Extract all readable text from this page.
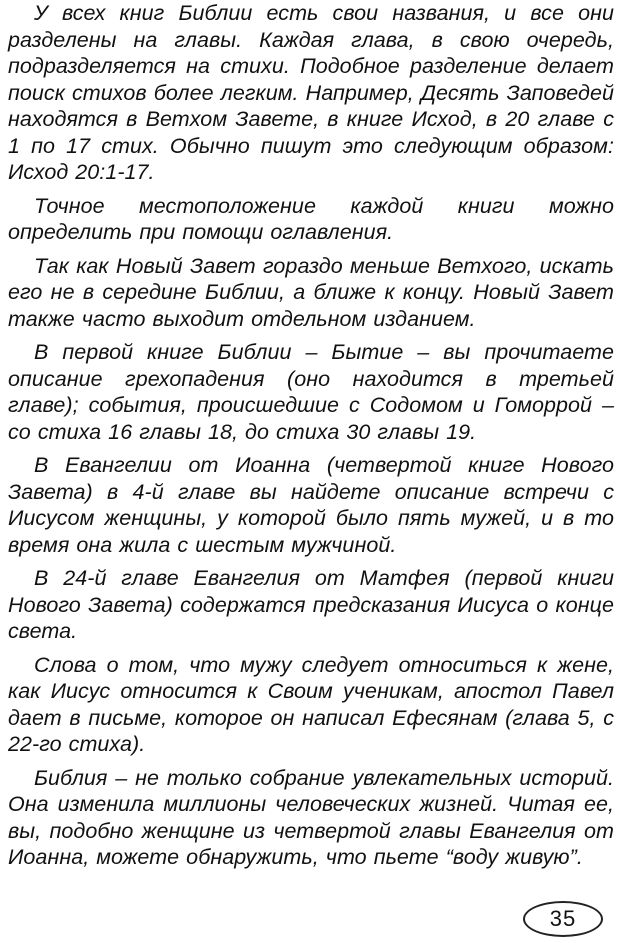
У всех книг Библии есть свои названия, и все они разделены на главы. Каждая глава, в свою очередь, подразделяется на стихи. Подобное разделение делает поиск стихов более легким. Например, Десять Заповедей находятся в Ветхом Завете, в книге Исход, в 20 главе с 1 по 17 стих. Обычно пишут это следующим образом: Исход 20:1-17.

Точное местоположение каждой книги можно определить при помощи оглавления.

Так как Новый Завет гораздо меньше Ветхого, искать его не в середине Библии, а ближе к концу. Новый Завет также часто выходит отдельном изданием.

В первой книге Библии – Бытие – вы прочитаете описание грехопадения (оно находится в третьей главе); события, происшедшие с Содомом и Гоморрой – со стиха 16 главы 18, до стиха 30 главы 19.

В Евангелии от Иоанна (четвертой книге Нового Завета) в 4-й главе вы найдете описание встречи с Иисусом женщины, у которой было пять мужей, и в то время она жила с шестым мужчиной.

В 24-й главе Евангелия от Матфея (первой книги Нового Завета) содержатся предсказания Иисуса о конце света.

Слова о том, что мужу следует относиться к жене, как Иисус относится к Своим ученикам, апостол Павел дает в письме, которое он написал Ефесянам (глава 5, с 22-го стиха).

Библия – не только собрание увлекательных историй. Она изменила миллионы человеческих жизней. Читая ее, вы, подобно женщине из четвертой главы Евангелия от Иоанна, можете обнаружить, что пьете “воду живую”.

35
